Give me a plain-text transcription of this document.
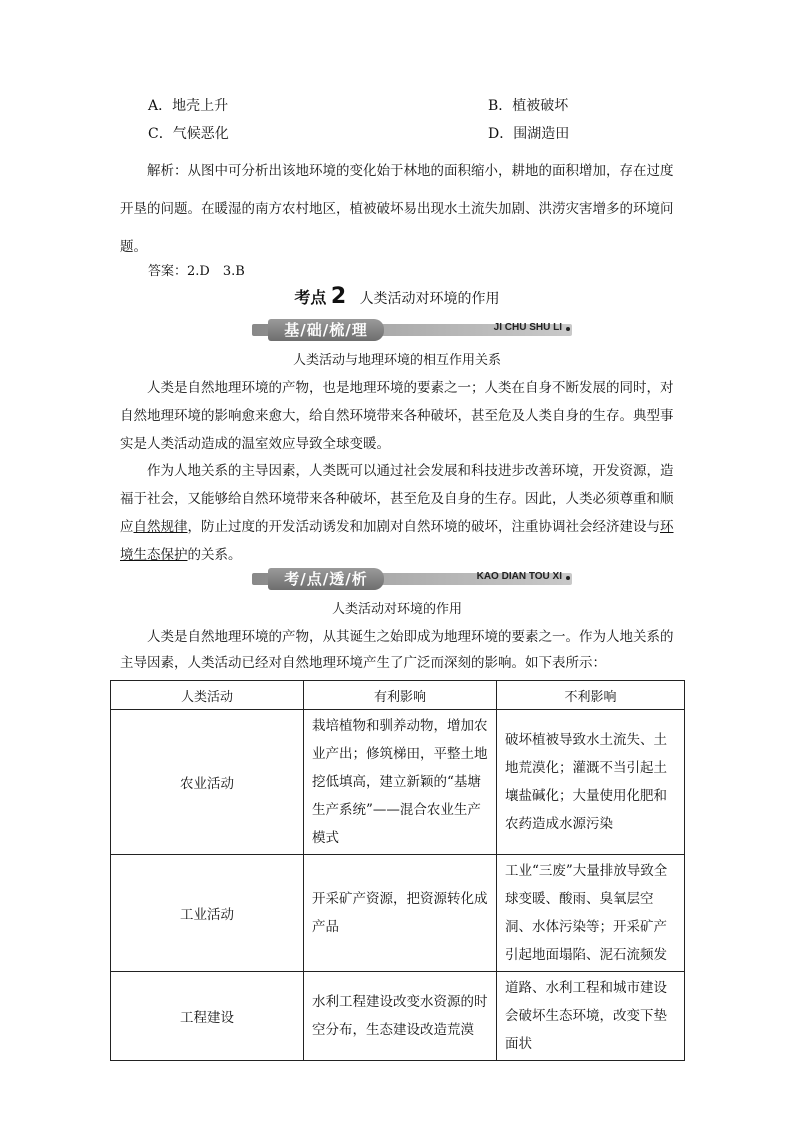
A．地壳上升	B．植被破坏
C．气候恶化	D．围湖造田
解析：从图中可分析出该地环境的变化始于林地的面积缩小，耕地的面积增加，存在过度开垦的问题。在暖湿的南方农村地区，植被破坏易出现水土流失加剧、洪涝灾害增多的环境问题。
答案：2.D　3.B
考点 2 人类活动对环境的作用
基/础/梳/理	JI CHU SHU LI
人类活动与地理环境的相互作用关系
人类是自然地理环境的产物，也是地理环境的要素之一；人类在自身不断发展的同时，对自然地理环境的影响愈来愈大，给自然环境带来各种破坏，甚至危及人类自身的生存。典型事实是人类活动造成的温室效应导致全球变暖。
作为人地关系的主导因素，人类既可以通过社会发展和科技进步改善环境，开发资源，造福于社会，又能够给自然环境带来各种破坏，甚至危及自身的生存。因此，人类必须尊重和顺应自然规律，防止过度的开发活动诱发和加剧对自然环境的破坏，注重协调社会经济建设与环境生态保护的关系。
考/点/透/析	KAO DIAN TOU XI
人类活动对环境的作用
人类是自然地理环境的产物，从其诞生之始即成为地理环境的要素之一。作为人地关系的主导因素，人类活动已经对自然地理环境产生了广泛而深刻的影响。如下表所示：
人类活动	有利影响	不利影响
农业活动	栽培植物和驯养动物，增加农业产出；修筑梯田，平整土地挖低填高，建立新颖的“基塘生产系统”——混合农业生产模式	破坏植被导致水土流失、土地荒漠化；灌溉不当引起土壤盐碱化；大量使用化肥和农药造成水源污染
工业活动	开采矿产资源，把资源转化成产品	工业“三废”大量排放导致全球变暖、酸雨、臭氧层空洞、水体污染等；开采矿产引起地面塌陷、泥石流频发
工程建设	水利工程建设改变水资源的时空分布，生态建设改造荒漠	道路、水利工程和城市建设会破坏生态环境，改变下垫面状
